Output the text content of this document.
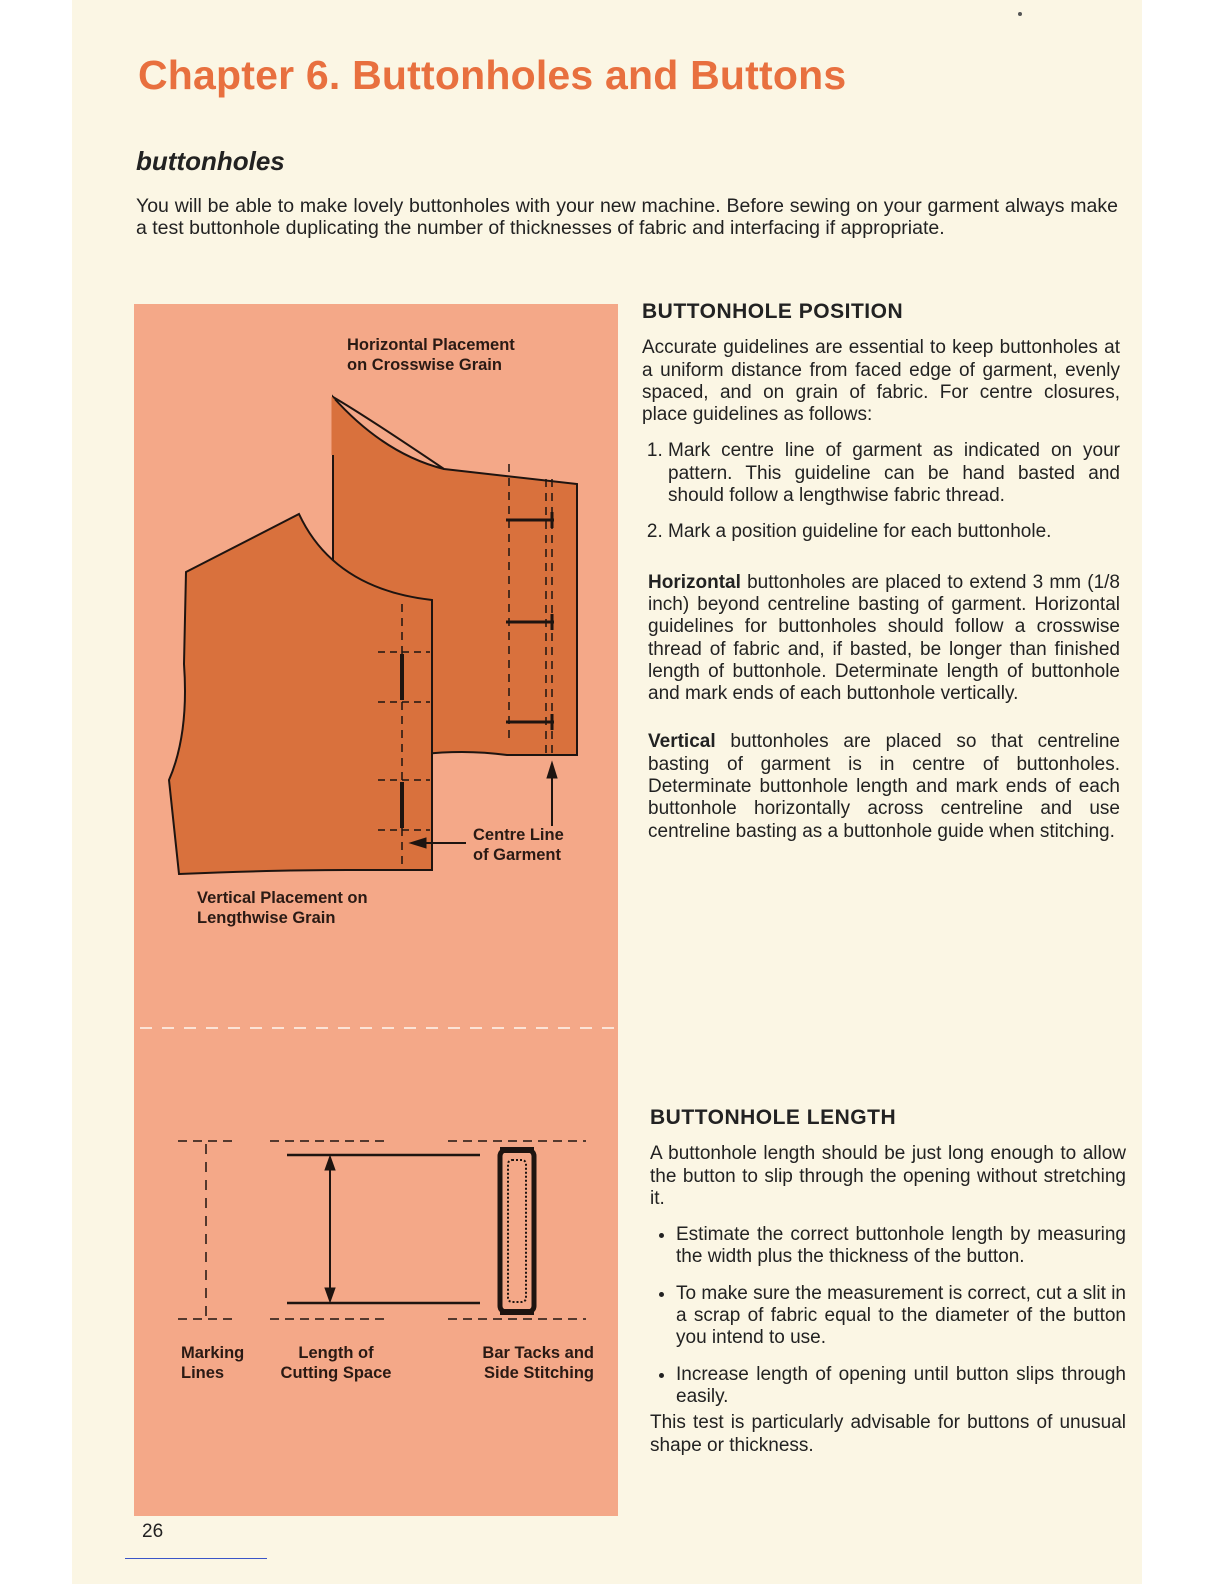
Chapter 6. Buttonholes and Buttons
buttonholes

You will be able to make lovely buttonholes with your new machine. Before sewing on your garment always make a test buttonhole duplicating the number of thicknesses of fabric and interfacing if appropriate.

Horizontal Placement
on Crosswise Grain

Centre Line
of Garment

Vertical Placement on
Lengthwise Grain

Marking
Lines

Length of
Cutting Space

Bar Tacks and
Side Stitching

BUTTONHOLE POSITION

Accurate guidelines are essential to keep buttonholes at a uniform distance from faced edge of garment, evenly spaced, and on grain of fabric. For centre closures, place guidelines as follows:

1. Mark centre line of garment as indicated on your pattern. This guideline can be hand basted and should follow a lengthwise fabric thread.
2. Mark a position guideline for each buttonhole.

Horizontal buttonholes are placed to extend 3 mm (1/8 inch) beyond centreline basting of garment. Horizontal guidelines for buttonholes should follow a crosswise thread of fabric and, if basted, be longer than finished length of buttonhole. Determinate length of buttonhole and mark ends of each buttonhole vertically.

Vertical buttonholes are placed so that centreline basting of garment is in centre of buttonholes. Determinate buttonhole length and mark ends of each buttonhole horizontally across centreline and use centreline basting as a buttonhole guide when stitching.

BUTTONHOLE LENGTH

A buttonhole length should be just long enough to allow the button to slip through the opening without stretching it.

• Estimate the correct buttonhole length by measuring the width plus the thickness of the button.
• To make sure the measurement is correct, cut a slit in a scrap of fabric equal to the diameter of the button you intend to use.
• Increase length of opening until button slips through easily.

This test is particularly advisable for buttons of unusual shape or thickness.

26
